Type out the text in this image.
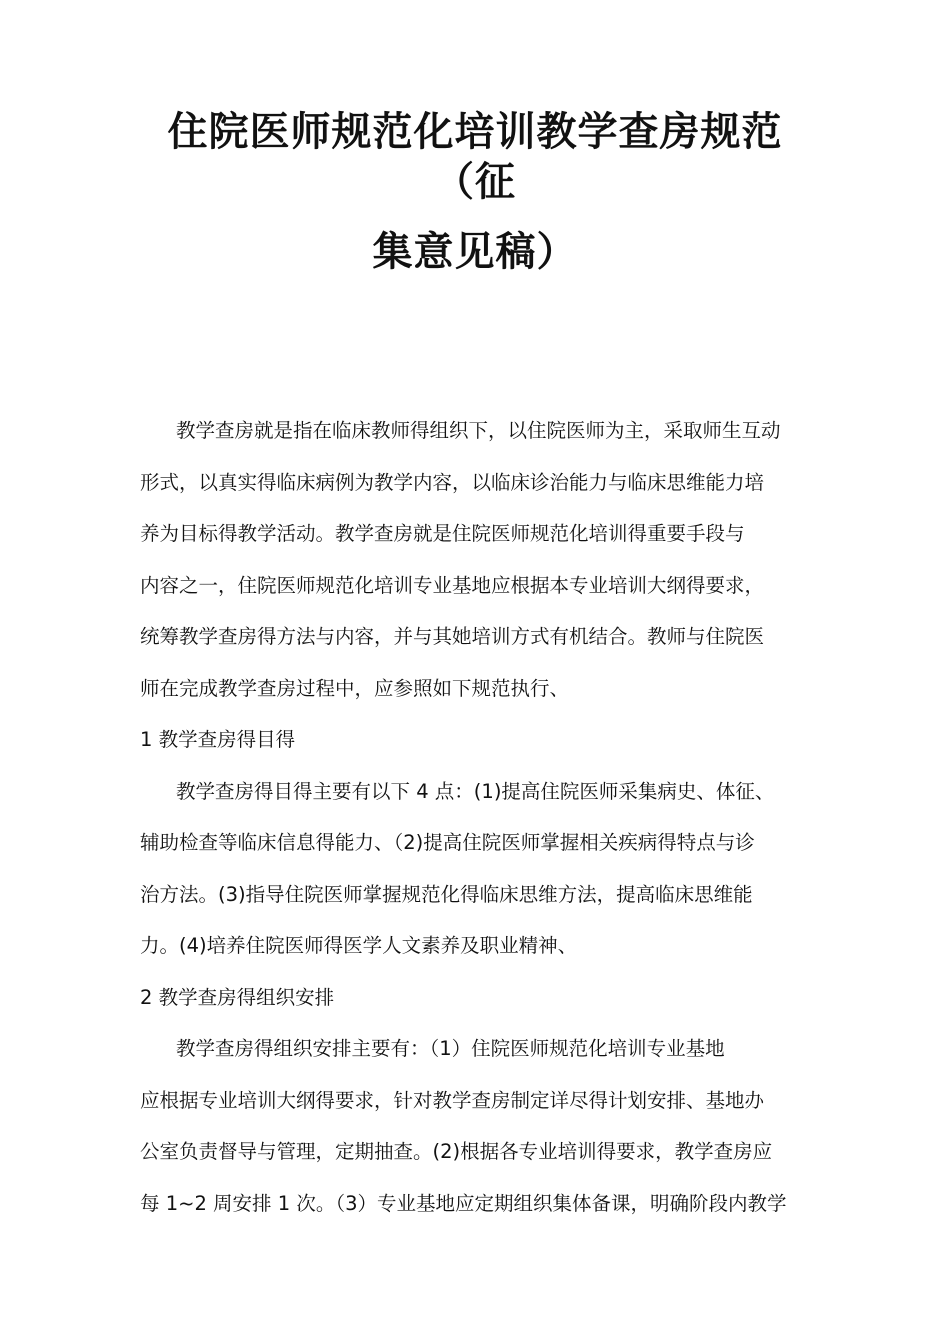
住院医师规范化培训教学查房规范
（征
集意见稿）

教学查房就是指在临床教师得组织下，以住院医师为主，采取师生互动
形式，以真实得临床病例为教学内容，以临床诊治能力与临床思维能力培
养为目标得教学活动。教学查房就是住院医师规范化培训得重要手段与
内容之一，住院医师规范化培训专业基地应根据本专业培训大纲得要求，
统筹教学查房得方法与内容，并与其她培训方式有机结合。教师与住院医
师在完成教学查房过程中，应参照如下规范执行、

1 教学查房得目得

教学查房得目得主要有以下 4 点：(1)提高住院医师采集病史、体征、
辅助检查等临床信息得能力、（2)提高住院医师掌握相关疾病得特点与诊
治方法。(3)指导住院医师掌握规范化得临床思维方法，提高临床思维能
力。(4)培养住院医师得医学人文素养及职业精神、

2 教学查房得组织安排

教学查房得组织安排主要有：（1）住院医师规范化培训专业基地
应根据专业培训大纲得要求，针对教学查房制定详尽得计划安排、基地办
公室负责督导与管理，定期抽查。(2)根据各专业培训得要求，教学查房应
每 1~2 周安排 1 次。（3）专业基地应定期组织集体备课，明确阶段内教学
